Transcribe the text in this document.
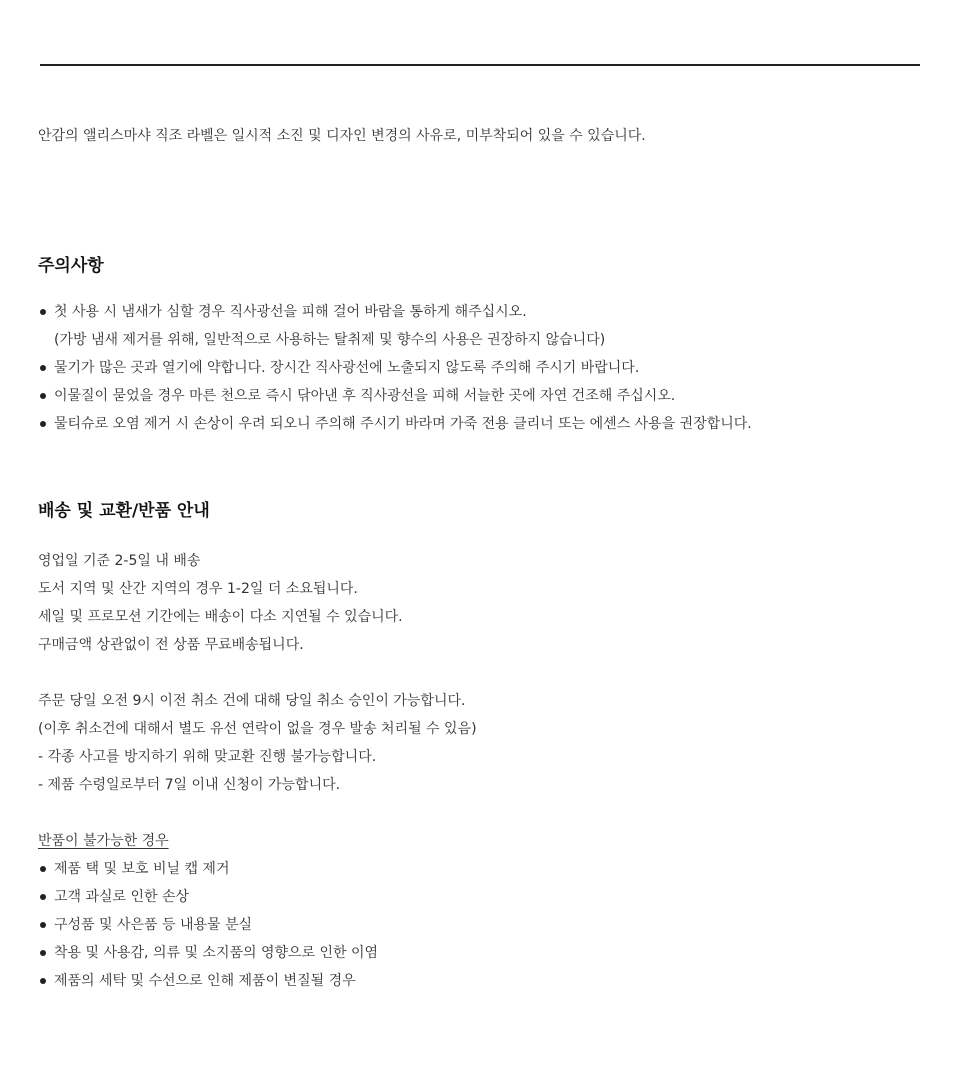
안감의 앨리스마샤 직조 라벨은 일시적 소진 및 디자인 변경의 사유로, 미부착되어 있을 수 있습니다.
주의사항
첫 사용 시 냄새가 심할 경우 직사광선을 피해 걸어 바람을 통하게 해주십시오.
(가방 냄새 제거를 위해, 일반적으로 사용하는 탈취제 및 향수의 사용은 권장하지 않습니다)
물기가 많은 곳과 열기에 약합니다. 장시간 직사광선에 노출되지 않도록 주의해 주시기 바랍니다.
이물질이 묻었을 경우 마른 천으로 즉시 닦아낸 후 직사광선을 피해 서늘한 곳에 자연 건조해 주십시오.
물티슈로 오염 제거 시 손상이 우려 되오니 주의해 주시기 바라며 가죽 전용 클리너 또는 에센스 사용을 권장합니다.
배송 및 교환/반품 안내
영업일 기준 2-5일 내 배송
도서 지역 및 산간 지역의 경우 1-2일 더 소요됩니다.
세일 및 프로모션 기간에는 배송이 다소 지연될 수 있습니다.
구매금액 상관없이 전 상품 무료배송됩니다.
주문 당일 오전 9시 이전 취소 건에 대해 당일 취소 승인이 가능합니다.
(이후 취소건에 대해서 별도 유선 연락이 없을 경우 발송 처리될 수 있음)
- 각종 사고를 방지하기 위해 맞교환 진행 불가능합니다.
- 제품 수령일로부터 7일 이내 신청이 가능합니다.
반품이 불가능한 경우
제품 택 및 보호 비닐 캡 제거
고객 과실로 인한 손상
구성품 및 사은품 등 내용물 분실
착용 및 사용감, 의류 및 소지품의 영향으로 인한 이염
제품의 세탁 및 수선으로 인해 제품이 변질될 경우
